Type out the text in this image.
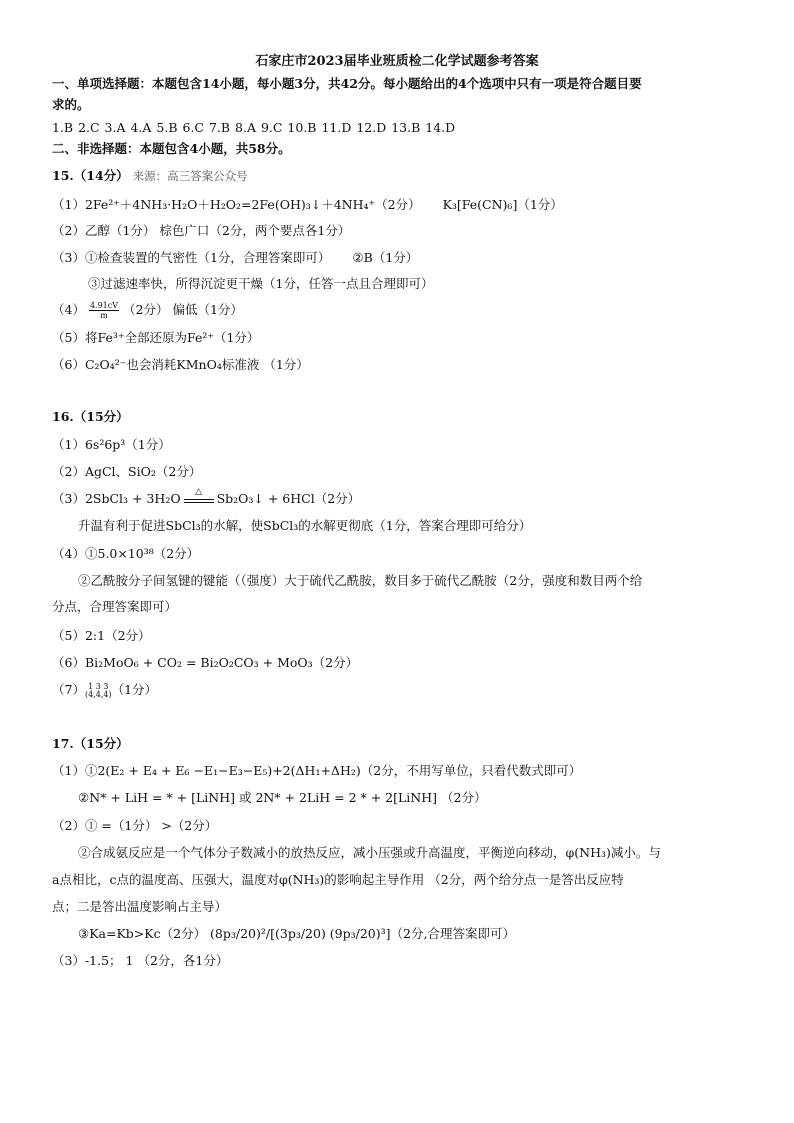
石家庄市2023届毕业班质检二化学试题参考答案
一、单项选择题：本题包含14小题，每小题3分，共42分。每小题给出的4个选项中只有一项是符合题目要
求的。
1.B 2.C 3.A 4.A 5.B 6.C 7.B 8.A 9.C 10.B 11.D 12.D 13.B 14.D
二、非选择题：本题包含4小题，共58分。
15.（14分） 来源：高三答案公众号
（1）2Fe²⁺＋4NH₃·H₂O＋H₂O₂=2Fe(OH)₃↓＋4NH₄⁺（2分） K₃[Fe(CN)₆]（1分）
（2）乙醇（1分） 棕色广口（2分，两个要点各1分）
（3）①检查装置的气密性（1分，合理答案即可） ②B（1分）
③过滤速率快，所得沉淀更干燥（1分，任答一点且合理即可）
$(4) \frac{4.91cV}{m} (2$分） 偏低（1分）
（5）将Fe³⁺全部还原为Fe²⁺（1分）
（6）C₂O₄²⁻也会消耗KMnO₄标准液 （1分）
16.（15分）
（1）6s²6p³（1分）
（2）AgCl、SiO₂（2分）
（3）2SbCl₃ + 3H₂O	△	Sb₂O₃↓ + 6HCl（2分）
升温有利于促进SbCl₃的水解，使SbCl₃的水解更彻底（1分，答案合理即可给分）
（4）①5.0×10³⁸（2分）
②乙酰胺分子间氢键的键能（（强度）大于硫代乙酰胺，数目多于硫代乙酰胺（2分，强度和数目两个给
分点，合理答案即可）
（5）2:1（2分）
（6）Bi₂MoO₆ + CO₂ = Bi₂O₂CO₃ + MoO₃（2分）
（7） 1 3 3
(4,4,4) （1分）
17.（15分）
（1）①2(E₂ + E₄ + E₆ −E₁−E₃−E₅)+2(ΔH₁+ΔH₂)（2分，不用写单位，只看代数式即可）
②N* + LiH = * + [LiNH] 或 2N* + 2LiH = 2 * + 2[LiNH] （2分）
（2）① =（1分） >（2分）
②合成氨反应是一个气体分子数减小的放热反应，减小压强或升高温度，平衡逆向移动，φ(NH₃)减小。与
a点相比，c点的温度高、压强大，温度对φ(NH₃)的影响起主导作用 （2分，两个给分点一是答出反应特
点；二是答出温度影响占主导）
③Ka=Kb>Kc（2分） (8p₃/20)²/[(3p₃/20) (9p₃/20)³]（2分,合理答案即可）
（3）-1.5； 1 （2分，各1分）
